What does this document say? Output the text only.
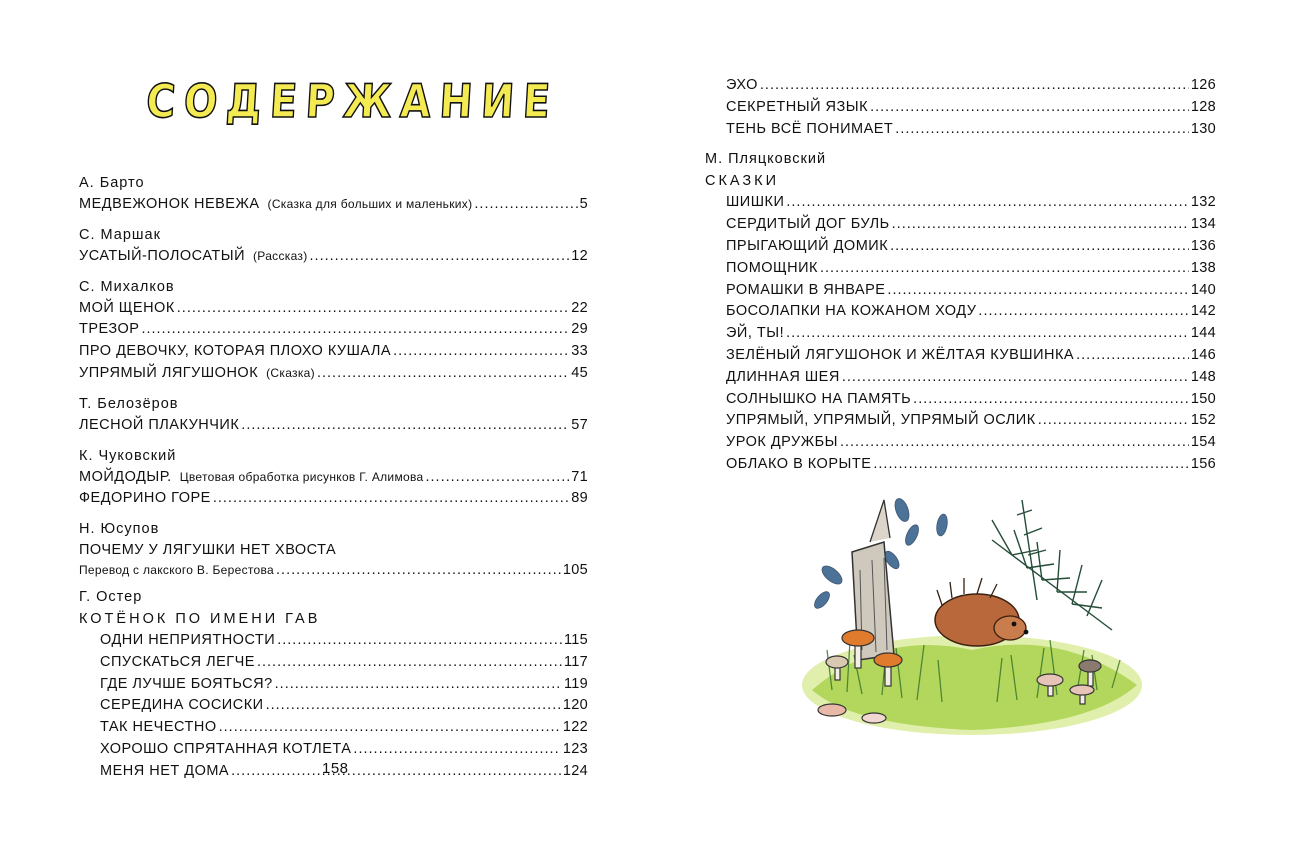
СОДЕРЖАНИЕ
А. Барто
МЕДВЕЖОНОК НЕВЕЖА (Сказка для больших и маленьких) .....	5
С. Маршак
УСАТЫЙ-ПОЛОСАТЫЙ (Рассказ) .....	12
С. Михалков
МОЙ ЩЕНОК .....	22
ТРЕЗОР .....	29
ПРО ДЕВОЧКУ, КОТОРАЯ ПЛОХО КУШАЛА .....	33
УПРЯМЫЙ ЛЯГУШОНОК (Сказка) .....	45
Т. Белозёров
ЛЕСНОЙ ПЛАКУНЧИК .....	57
К. Чуковский
МОЙДОДЫР. Цветовая обработка рисунков Г. Алимова .....	71
ФЕДОРИНО ГОРЕ .....	89
Н. Юсупов
ПОЧЕМУ У ЛЯГУШКИ НЕТ ХВОСТА
Перевод с лакского В. Берестова .....	105
Г. Остер
КОТЁНОК ПО ИМЕНИ ГАВ
ОДНИ НЕПРИЯТНОСТИ .....	115
СПУСКАТЬСЯ ЛЕГЧЕ .....	117
ГДЕ ЛУЧШЕ БОЯТЬСЯ? .....	119
СЕРЕДИНА СОСИСКИ .....	120
ТАК НЕЧЕСТНО .....	122
ХОРОШО СПРЯТАННАЯ КОТЛЕТА .....	123
МЕНЯ НЕТ ДОМА .....	124
158
ЭХО .....	126
СЕКРЕТНЫЙ ЯЗЫК .....	128
ТЕНЬ ВСЁ ПОНИМАЕТ .....	130
М. Пляцковский
СКАЗКИ
ШИШКИ .....	132
СЕРДИТЫЙ ДОГ БУЛЬ .....	134
ПРЫГАЮЩИЙ ДОМИК .....	136
ПОМОЩНИК .....	138
РОМАШКИ В ЯНВАРЕ .....	140
БОСОЛАПКИ НА КОЖАНОМ ХОДУ .....	142
ЭЙ, ТЫ! .....	144
ЗЕЛЁНЫЙ ЛЯГУШОНОК И ЖЁЛТАЯ КУВШИНКА .....	146
ДЛИННАЯ ШЕЯ .....	148
СОЛНЫШКО НА ПАМЯТЬ .....	150
УПРЯМЫЙ, УПРЯМЫЙ, УПРЯМЫЙ ОСЛИК .....	152
УРОК ДРУЖБЫ .....	154
ОБЛАКО В КОРЫТЕ .....	156
